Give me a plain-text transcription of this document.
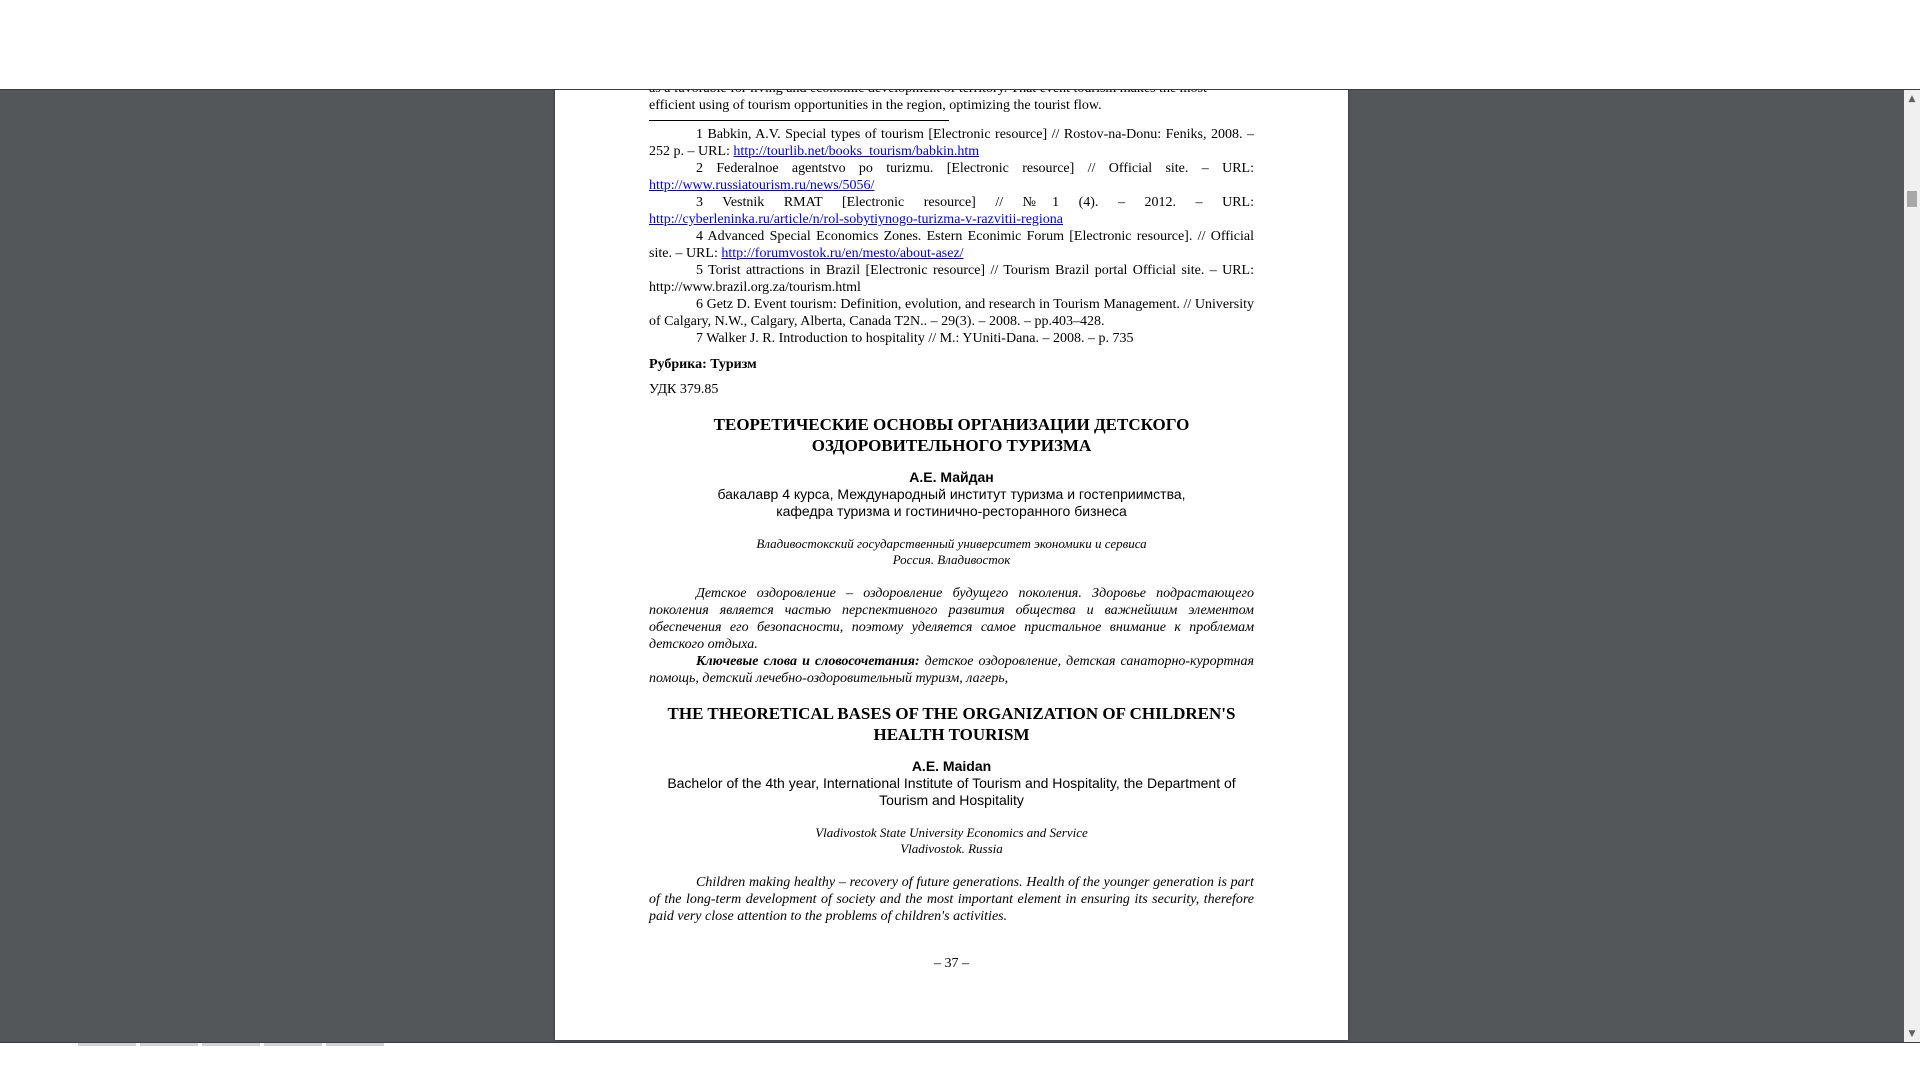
efficient using of tourism opportunities in the region, optimizing the tourist flow.

1 Babkin, A.V. Special types of tourism [Electronic resource] // Rostov-na-Donu: Feniks, 2008. – 252 p. – URL: http://tourlib.net/books_tourism/babkin.htm

2 Federalnoe agentstvo po turizmu. [Electronic resource] // Official site. – URL: http://www.russiatourism.ru/news/5056/

3 Vestnik RMAT [Electronic resource] // №1 (4). – 2012. – URL: http://cyberleninka.ru/article/n/rol-sobytiynogo-turizma-v-razvitii-regiona

4 Advanced Special Economics Zones. Estern Econimic Forum [Electronic resource]. // Official site. – URL: http://forumvostok.ru/en/mesto/about-asez/

5 Torist attractions in Brazil [Electronic resource] // Tourism Brazil portal Official site. – URL: http://www.brazil.org.za/tourism.html

6 Getz D. Event tourism: Definition, evolution, and research in Tourism Management. // University of Calgary, N.W., Calgary, Alberta, Canada T2N.. – 29(3). – 2008. – pp.403–428.

7 Walker J. R. Introduction to hospitality // M.: YUniti-Dana. – 2008. – p. 735

Рубрика: Туризм

УДК 379.85

ТЕОРЕТИЧЕСКИЕ ОСНОВЫ ОРГАНИЗАЦИИ ДЕТСКОГО
ОЗДОРОВИТЕЛЬНОГО ТУРИЗМА

А.Е. Майдан

бакалавр 4 курса, Международный институт туризма и гостеприимства,
кафедра туризма и гостинично-ресторанного бизнеса
Владивостокский государственный университет экономики и сервиса
Россия. Владивосток

Детское оздоровление – оздоровление будущего поколения. Здоровье подрастающего поколения является частью перспективного развития общества и важнейшим элементом обеспечения его безопасности, поэтому уделяется самое пристальное внимание к проблемам детского отдыха.

Ключевые слова и словосочетания: детское оздоровление, детская санаторно-курортная помощь, детский лечебно-оздоровительный туризм, лагерь,

THE THEORETICAL BASES OF THE ORGANIZATION OF CHILDREN'S
HEALTH TOURISM

A.E. Maidan

Bachelor of the 4th year, International Institute of Tourism and Hospitality, the Department of
Tourism and Hospitality
Vladivostok State University Economics and Service
Vladivostok. Russia

Children making healthy – recovery of future generations. Health of the younger generation is part of the long-term development of society and the most important element in ensuring its security, therefore paid very close attention to the problems of children's activities.

– 37 –

▲
▼
